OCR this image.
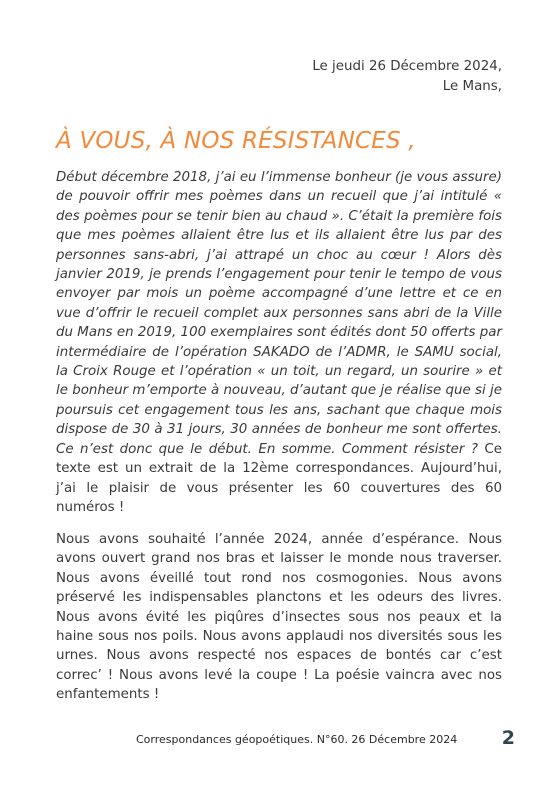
Le jeudi 26 Décembre 2024,
Le Mans,
À VOUS, À NOS RÉSISTANCES ,

Début décembre 2018, j’ai eu l’immense bonheur (je vous assure) de pouvoir offrir mes poèmes dans un recueil que j’ai intitulé « des poèmes pour se tenir bien au chaud ». C’était la première fois que mes poèmes allaient être lus et ils allaient être lus par des personnes sans-abri, j’ai attrapé un choc au cœur ! Alors dès janvier 2019, je prends l’engagement pour tenir le tempo de vous envoyer par mois un poème accompagné d’une lettre et ce en vue d’offrir le recueil complet aux personnes sans abri de la Ville du Mans en 2019, 100 exemplaires sont édités dont 50 offerts par intermédiaire de l’opération SAKADO de l’ADMR, le SAMU social, la Croix Rouge et l’opération « un toit, un regard, un sourire » et le bonheur m’emporte à nouveau, d’autant que je réalise que si je poursuis cet engagement tous les ans, sachant que chaque mois dispose de 30 à 31 jours, 30 années de bonheur me sont offertes. Ce n’est donc que le début. En somme. Comment résister ? Ce texte est un extrait de la 12ème correspondances. Aujourd’hui, j’ai le plaisir de vous présenter les 60 couvertures des 60 numéros !

Nous avons souhaité l’année 2024, année d’espérance. Nous avons ouvert grand nos bras et laisser le monde nous traverser. Nous avons éveillé tout rond nos cosmogonies. Nous avons préservé les indispensables planctons et les odeurs des livres. Nous avons évité les piqûres d’insectes sous nos peaux et la haine sous nos poils. Nous avons applaudi nos diversités sous les urnes. Nous avons respecté nos espaces de bontés car c’est correc’ ! Nous avons levé la coupe ! La poésie vaincra avec nos enfantements !

Correspondances géopoétiques. N°60. 26 Décembre 2024 2
